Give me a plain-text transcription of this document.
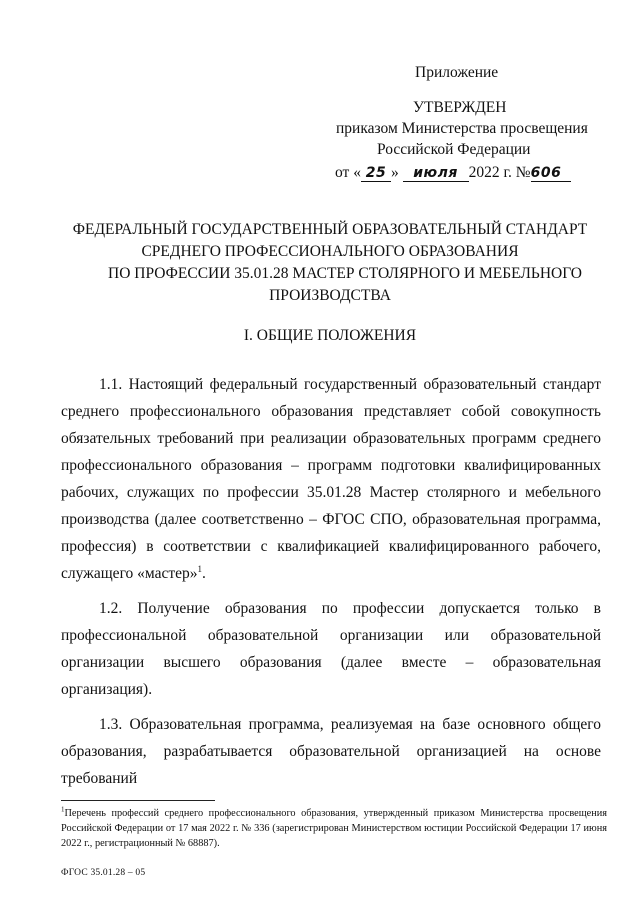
Приложение
УТВЕРЖДЕН
приказом Министерства просвещения
Российской Федерации
от « 25 » июля 2022 г. №606
ФЕДЕРАЛЬНЫЙ ГОСУДАРСТВЕННЫЙ ОБРАЗОВАТЕЛЬНЫЙ СТАНДАРТ
СРЕДНЕГО ПРОФЕССИОНАЛЬНОГО ОБРАЗОВАНИЯ
ПО ПРОФЕССИИ 35.01.28 МАСТЕР СТОЛЯРНОГО И МЕБЕЛЬНОГО
ПРОИЗВОДСТВА
I. ОБЩИЕ ПОЛОЖЕНИЯ

1.1. Настоящий федеральный государственный образовательный стандарт среднего профессионального образования представляет собой совокупность обязательных требований при реализации образовательных программ среднего профессионального образования – программ подготовки квалифицированных рабочих, служащих по профессии 35.01.28 Мастер столярного и мебельного производства (далее соответственно – ФГОС СПО, образовательная программа, профессия) в соответствии с квалификацией квалифицированного рабочего, служащего «мастер»$^1$.

1.2. Получение образования по профессии допускается только в профессиональной образовательной организации или образовательной организации высшего образования (далее вместе – образовательная организация).

1.3. Образовательная программа, реализуемая на базе основного общего образования, разрабатывается образовательной организацией на основе требований

$^1$Перечень профессий среднего профессионального образования, утвержденный приказом Министерства просвещения Российской Федерации от 17 мая 2022 г. № 336 (зарегистрирован Министерством юстиции Российской Федерации 17 июня 2022 г., регистрационный № 68887).
ФГОС 35.01.28 – 05
